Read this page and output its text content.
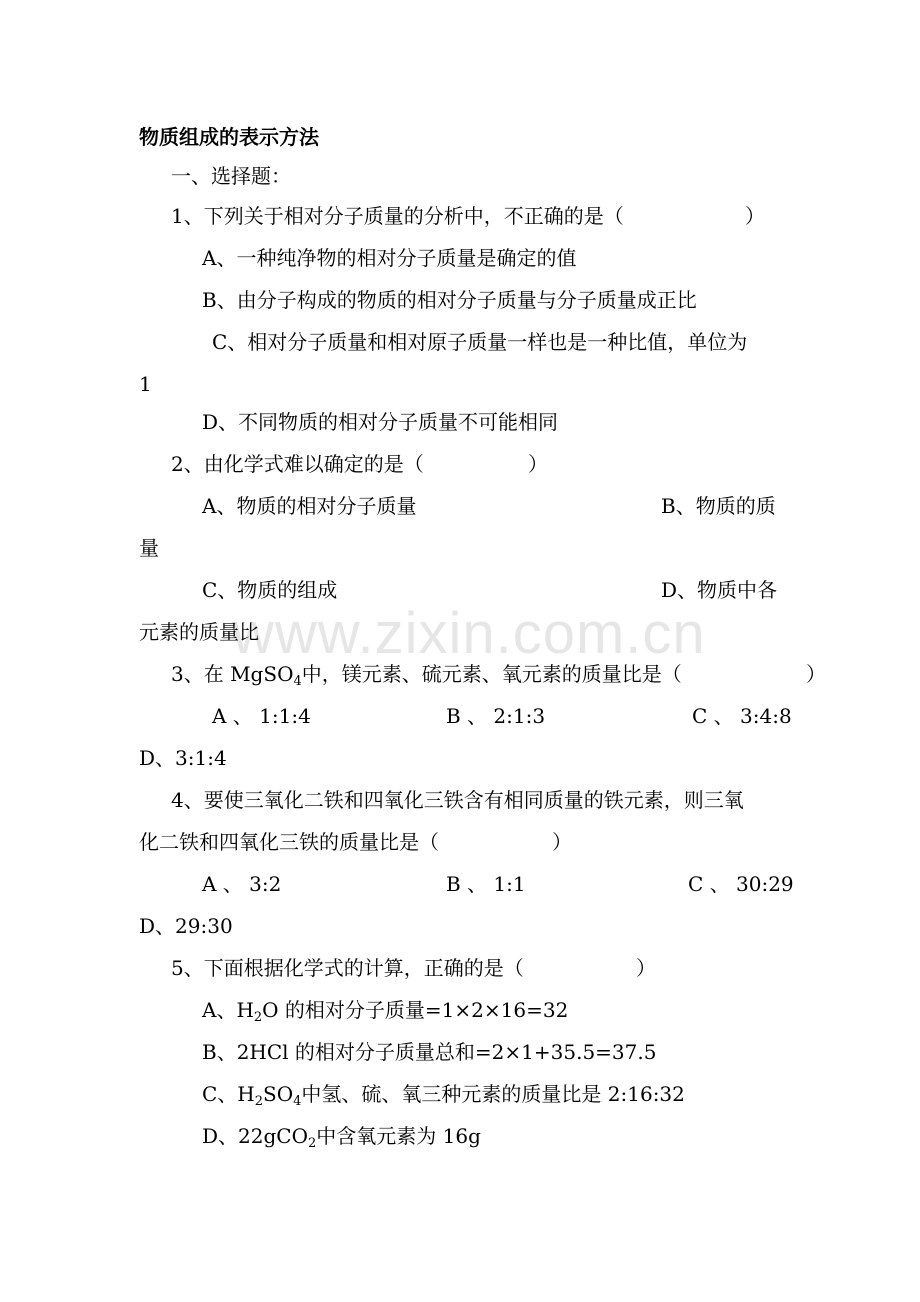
www.zixin.com.cn
物质组成的表示方法
一、选择题：
1、下列关于相对分子质量的分析中，不正确的是（	）
A、一种纯净物的相对分子质量是确定的值
B、由分子构成的物质的相对分子质量与分子质量成正比
C、相对分子质量和相对原子质量一样也是一种比值，单位为
1
D、不同物质的相对分子质量不可能相同
2、由化学式难以确定的是（	）
A、物质的相对分子质量	B、物质的质
量
C、物质的组成	D、物质中各
元素的质量比
3、在 MgSO$_4$中，镁元素、硫元素、氧元素的质量比是（	）
A 、 1:1:4	B 、 2:1:3	C 、 3:4:8
D、3:1:4
4、要使三氧化二铁和四氧化三铁含有相同质量的铁元素，则三氧
化二铁和四氧化三铁的质量比是（	）
A 、 3:2	B 、 1:1	C 、 30:29
D、29:30
5、下面根据化学式的计算，正确的是（	）
A、$H_2O$ 的相对分子质量=1×2×16=32
B、2HCl 的相对分子质量总和=2×1+35.5=37.5
C、$H_2SO_4$中氢、硫、氧三种元素的质量比是 2:16:32
D、22gCO$_2$中含氧元素为 16g
